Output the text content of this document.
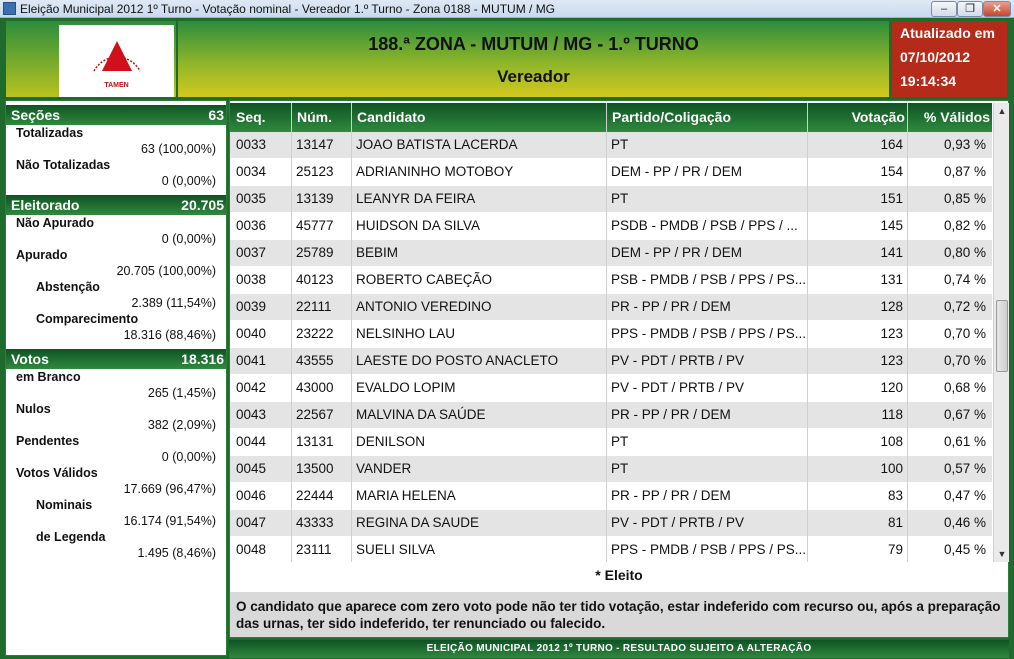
Eleição Municipal 2012 1º Turno - Votação nominal - Vereador 1.º Turno - Zona 0188 - MUTUM / MG	–	❐	✕
TAMEN
188.ª ZONA - MUTUM / MG - 1.º TURNO
Vereador
Atualizado em
07/10/2012
19:14:34
Seções	63
Totalizadas
63 (100,00%)
Não Totalizadas
0 (0,00%)
Eleitorado	20.705
Não Apurado
0 (0,00%)
Apurado
20.705 (100,00%)
Abstenção
2.389 (11,54%)
Comparecimento
18.316 (88,46%)
Votos	18.316
em Branco
265 (1,45%)
Nulos
382 (2,09%)
Pendentes
0 (0,00%)
Votos Válidos
17.669 (96,47%)
Nominais
16.174 (91,54%)
de Legenda
1.495 (8,46%)
Seq. Núm. Candidato	Partido/Coligação	Votação % Válidos
0033 13147 JOAO BATISTA LACERDA	PT	164	0,93 %
0034 25123 ADRIANINHO MOTOBOY	DEM - PP / PR / DEM	154	0,87 %
0035 13139 LEANYR DA FEIRA	PT	151	0,85 %
0036 45777 HUIDSON DA SILVA	PSDB - PMDB / PSB / PPS / ...	145	0,82 %
0037 25789 BEBIM	DEM - PP / PR / DEM	141	0,80 %
0038 40123 ROBERTO CABEÇÃO	PSB - PMDB / PSB / PPS / PS...	131	0,74 %
0039 22111 ANTONIO VEREDINO	PR - PP / PR / DEM	128	0,72 %
0040 23222 NELSINHO LAU	PPS - PMDB / PSB / PPS / PS...	123	0,70 %
0041 43555 LAESTE DO POSTO ANACLETO	PV - PDT / PRTB / PV	123	0,70 %
0042 43000 EVALDO LOPIM	PV - PDT / PRTB / PV	120	0,68 %
0043 22567 MALVINA DA SAÚDE	PR - PP / PR / DEM	118	0,67 %
0044 13131 DENILSON	PT	108	0,61 %
0045 13500 VANDER	PT	100	0,57 %
0046 22444 MARIA HELENA	PR - PP / PR / DEM	83	0,47 %
0047 43333 REGINA DA SAUDE	PV - PDT / PRTB / PV	81	0,46 %
0048 23111 SUELI SILVA	PPS - PMDB / PSB / PPS / PS...	79	0,45 %
▲
▼
* Eleito
O candidato que aparece com zero voto pode não ter tido votação, estar indeferido com recurso ou, após a preparação das urnas, ter sido indeferido, ter renunciado ou falecido.
ELEIÇÃO MUNICIPAL 2012 1º TURNO - RESULTADO SUJEITO A ALTERAÇÃO
